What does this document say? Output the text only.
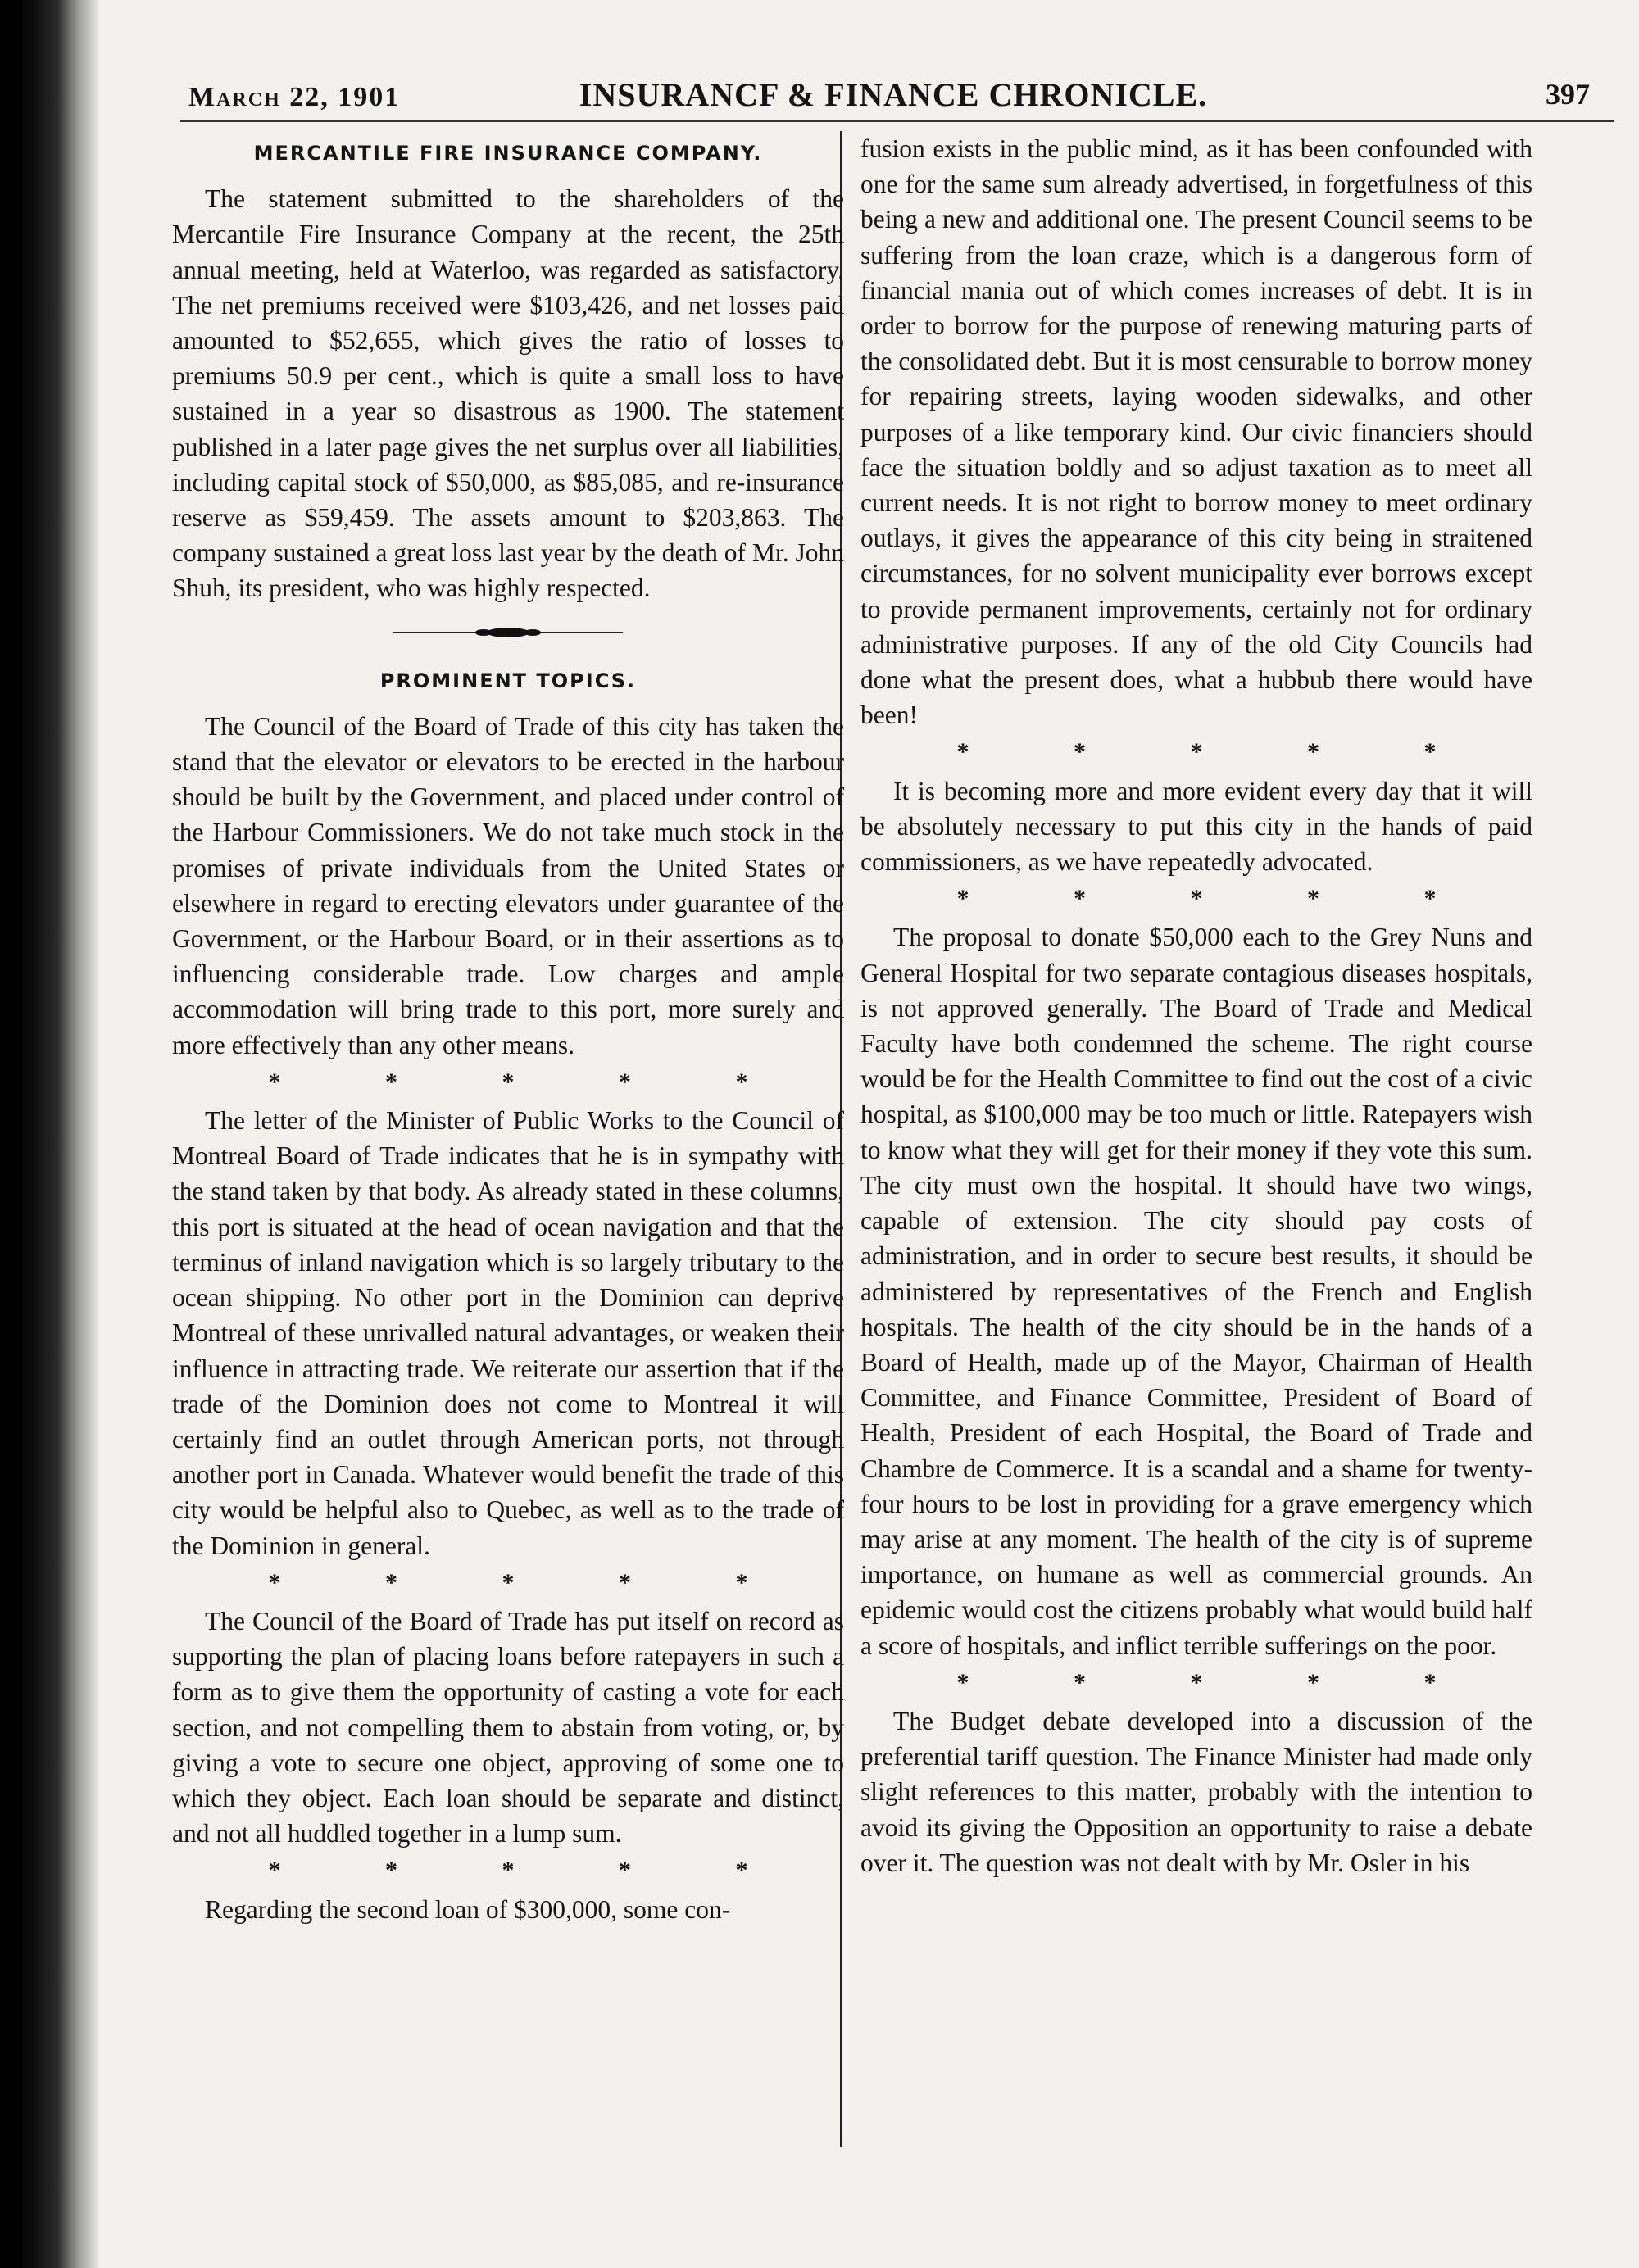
March 22, 1901	INSURANCF & FINANCE CHRONICLE.	397
MERCANTILE FIRE INSURANCE COMPANY.

The statement submitted to the shareholders of the Mercantile Fire Insurance Company at the recent, the 25th annual meeting, held at Waterloo, was regarded as satisfactory. The net premiums received were $103,426, and net losses paid amounted to $52,655, which gives the ratio of losses to premiums 50.9 per cent., which is quite a small loss to have sustained in a year so disastrous as 1900. The statement published in a later page gives the net surplus over all liabilities, including capital stock of $50,000, as $85,085, and re-insurance reserve as $59,459. The assets amount to $203,863. The company sustained a great loss last year by the death of Mr. John Shuh, its president, who was highly respected.

PROMINENT TOPICS.

The Council of the Board of Trade of this city has taken the stand that the elevator or elevators to be erected in the harbour should be built by the Government, and placed under control of the Harbour Commissioners. We do not take much stock in the promises of private individuals from the United States or elsewhere in regard to erecting elevators under guarantee of the Government, or the Harbour Board, or in their assertions as to influencing considerable trade. Low charges and ample accommodation will bring trade to this port, more surely and more effectively than any other means.

* * * * *

The letter of the Minister of Public Works to the Council of Montreal Board of Trade indicates that he is in sympathy with the stand taken by that body. As already stated in these columns, this port is situated at the head of ocean navigation and that the terminus of inland navigation which is so largely tributary to the ocean shipping. No other port in the Dominion can deprive Montreal of these unrivalled natural advantages, or weaken their influence in attracting trade. We reiterate our assertion that if the trade of the Dominion does not come to Montreal it will certainly find an outlet through American ports, not through another port in Canada. Whatever would benefit the trade of this city would be helpful also to Quebec, as well as to the trade of the Dominion in general.

* * * * *

The Council of the Board of Trade has put itself on record as supporting the plan of placing loans before ratepayers in such a form as to give them the opportunity of casting a vote for each section, and not compelling them to abstain from voting, or, by giving a vote to secure one object, approving of some one to which they object. Each loan should be separate and distinct, and not all huddled together in a lump sum.

* * * * *

Regarding the second loan of $300,000, some con-

fusion exists in the public mind, as it has been confounded with one for the same sum already advertised, in forgetfulness of this being a new and additional one. The present Council seems to be suffering from the loan craze, which is a dangerous form of financial mania out of which comes increases of debt. It is in order to borrow for the purpose of renewing maturing parts of the consolidated debt. But it is most censurable to borrow money for repairing streets, laying wooden sidewalks, and other purposes of a like temporary kind. Our civic financiers should face the situation boldly and so adjust taxation as to meet all current needs. It is not right to borrow money to meet ordinary outlays, it gives the appearance of this city being in straitened circumstances, for no solvent municipality ever borrows except to provide permanent improvements, certainly not for ordinary administrative purposes. If any of the old City Councils had done what the present does, what a hubbub there would have been!

* * * * *

It is becoming more and more evident every day that it will be absolutely necessary to put this city in the hands of paid commissioners, as we have repeatedly advocated.

* * * * *

The proposal to donate $50,000 each to the Grey Nuns and General Hospital for two separate contagious diseases hospitals, is not approved generally. The Board of Trade and Medical Faculty have both condemned the scheme. The right course would be for the Health Committee to find out the cost of a civic hospital, as $100,000 may be too much or little. Ratepayers wish to know what they will get for their money if they vote this sum. The city must own the hospital. It should have two wings, capable of extension. The city should pay costs of administration, and in order to secure best results, it should be administered by representatives of the French and English hospitals. The health of the city should be in the hands of a Board of Health, made up of the Mayor, Chairman of Health Committee, and Finance Committee, President of Board of Health, President of each Hospital, the Board of Trade and Chambre de Commerce. It is a scandal and a shame for twenty-four hours to be lost in providing for a grave emergency which may arise at any moment. The health of the city is of supreme importance, on humane as well as commercial grounds. An epidemic would cost the citizens probably what would build half a score of hospitals, and inflict terrible sufferings on the poor.

* * * * *

The Budget debate developed into a discussion of the preferential tariff question. The Finance Minister had made only slight references to this matter, probably with the intention to avoid its giving the Opposition an opportunity to raise a debate over it. The question was not dealt with by Mr. Osler in his
